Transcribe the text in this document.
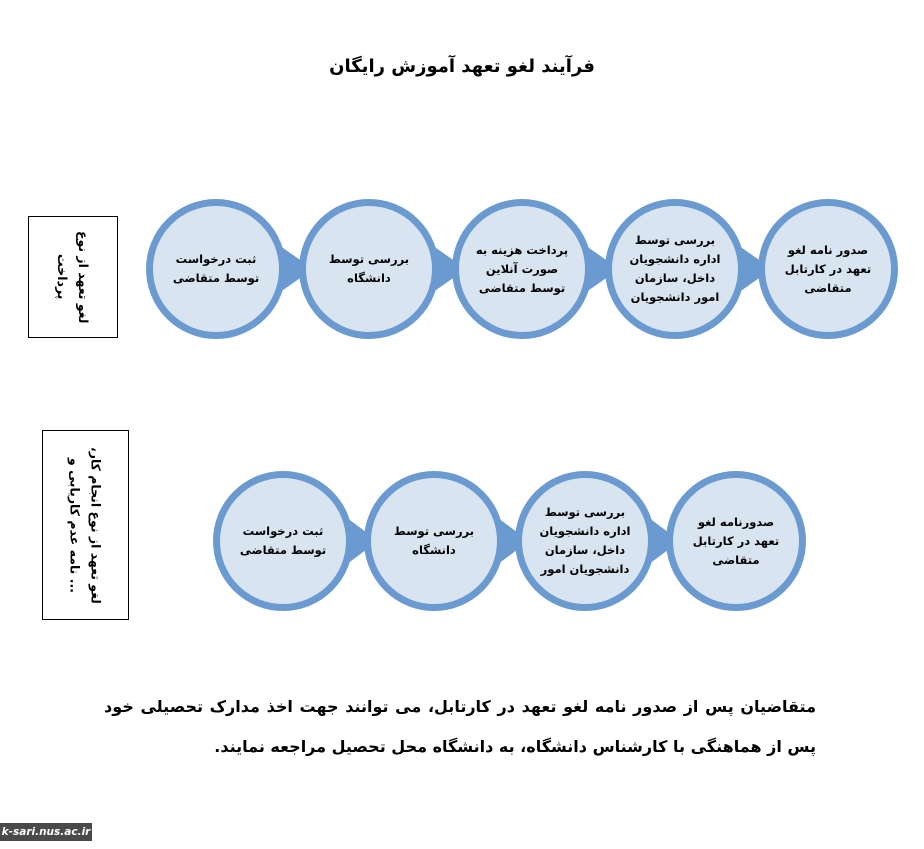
فرآیند لغو تعهد آموزش رایگان
لغو تعهد از نوع پرداخت
لغو تعهد از نوع انجام کار، نامه عدم کاریابی و ...
ثبت درخواست توسط متقاضی
بررسی توسط دانشگاه
پرداخت هزینه به صورت آنلاین توسط متقاضی
بررسی توسط اداره دانشجویان داخل، سازمان امور دانشجویان
صدور نامه لغو تعهد در کارتابل متقاضی
ثبت درخواست توسط متقاضی
بررسی توسط دانشگاه
بررسی توسط اداره دانشجویان داخل، سازمان دانشجویان امور
صدورنامه لغو تعهد در کارتابل متقاضی
متقاضیان پس از صدور نامه لغو تعهد در کارتابل، می توانند جهت اخذ مدارک تحصیلی خود پس از هماهنگی با کارشناس دانشگاه، به دانشگاه محل تحصیل مراجعه نمایند.
k-sari.nus.ac.ir
